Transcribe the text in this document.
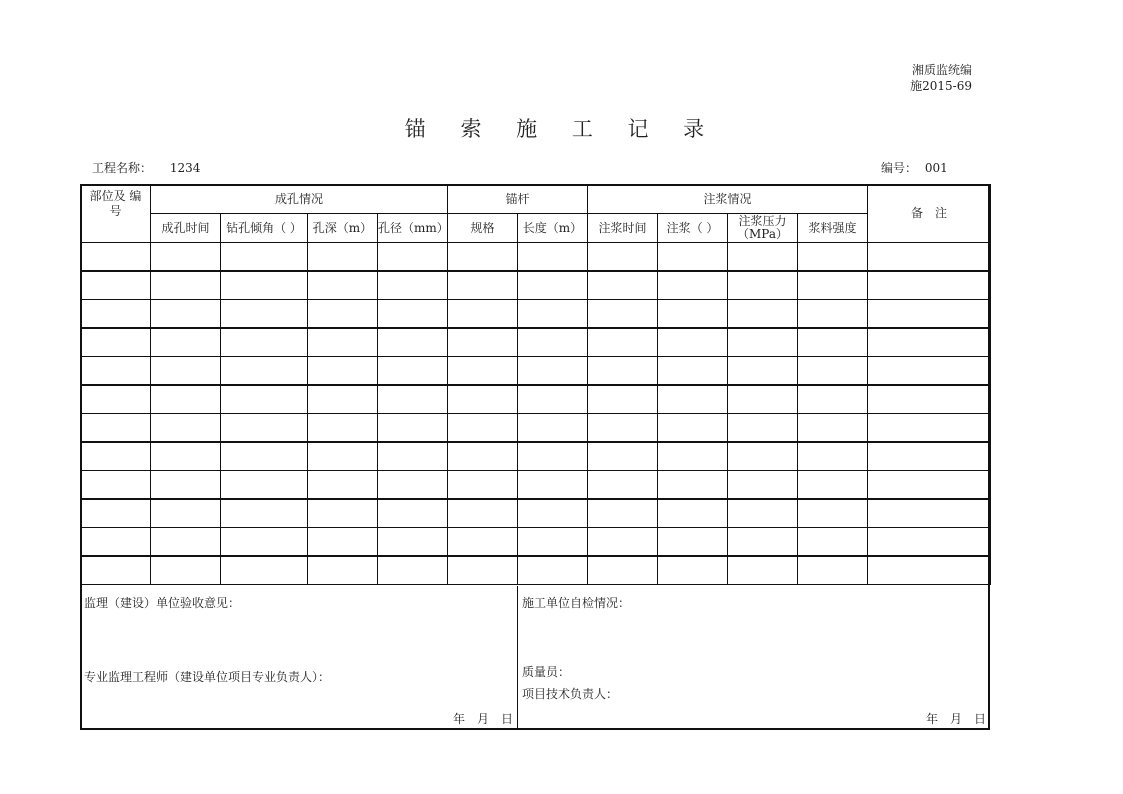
湘质监统编
施2015-69
锚 索 施 工 记 录
工程名称： 1234	编号： 001
部位及 编　号	成孔情况				锚杆		注浆情况				备　注
	成孔时间	钻孔倾角（ ）	孔深（m）	孔径（mm）	规格	长度（m）	注浆时间	注浆（ ）	注浆压力（MPa）	浆料强度	

监理（建设）单位验收意见：
专业监理工程师（建设单位项目专业负责人）：
年　月　日
施工单位自检情况：
质量员：
项目技术负责人：
年　月　日
